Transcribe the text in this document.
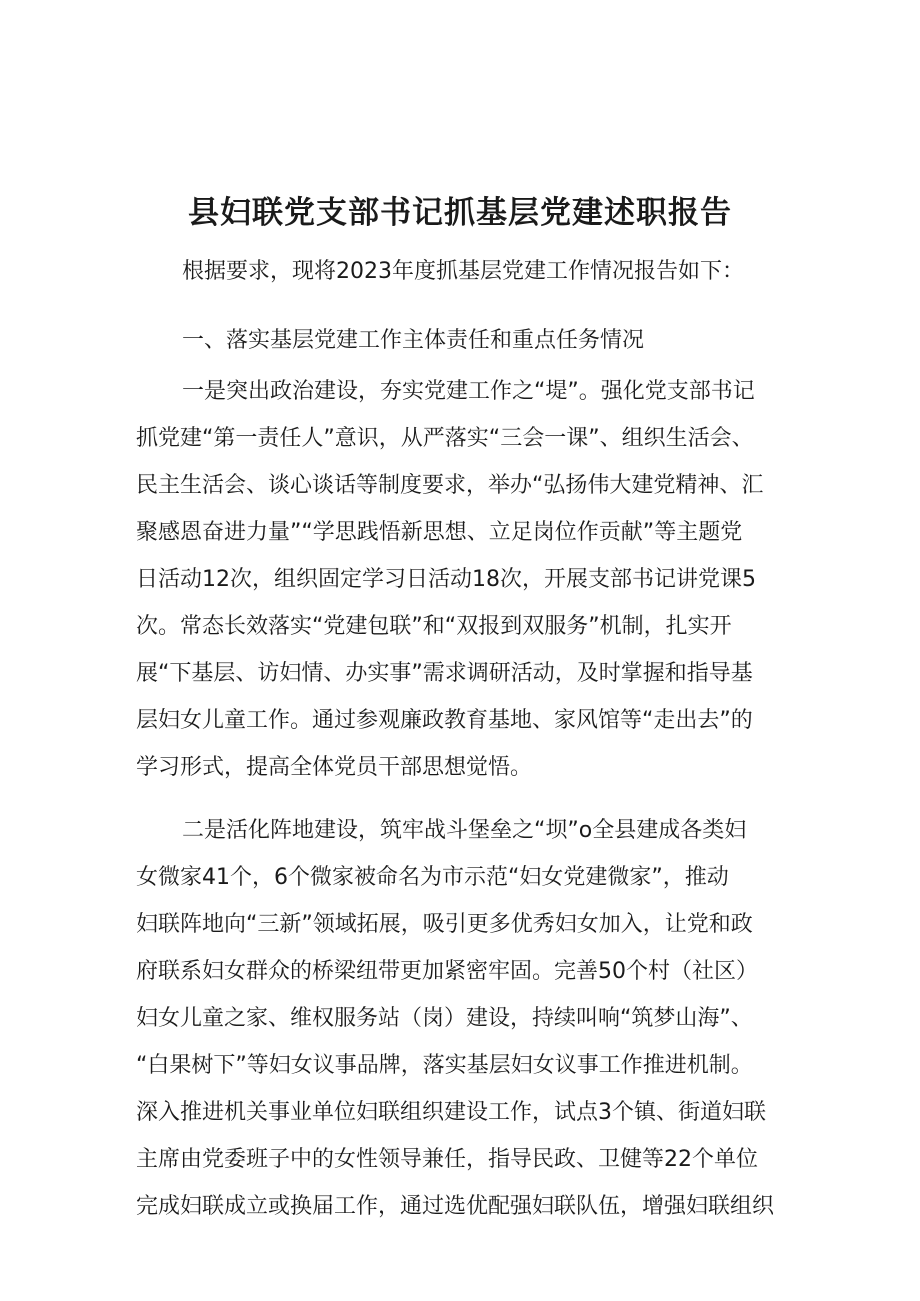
县妇联党支部书记抓基层党建述职报告

根据要求，现将2023年度抓基层党建工作情况报告如下：

一、落实基层党建工作主体责任和重点任务情况

一是突出政治建设，夯实党建工作之“堤”。强化党支部书记

抓党建“第一责任人”意识，从严落实“三会一课”、组织生活会、

民主生活会、谈心谈话等制度要求，举办“弘扬伟大建党精神、汇

聚感恩奋进力量”“学思践悟新思想、立足岗位作贡献”等主题党

日活动12次，组织固定学习日活动18次，开展支部书记讲党课5

次。常态长效落实“党建包联”和“双报到双服务”机制，扎实开

展“下基层、访妇情、办实事”需求调研活动，及时掌握和指导基

层妇女儿童工作。通过参观廉政教育基地、家风馆等“走出去”的

学习形式，提高全体党员干部思想觉悟。

二是活化阵地建设，筑牢战斗堡垒之“坝”o全县建成各类妇

女微家41个，6个微家被命名为市示范“妇女党建微家”，推动

妇联阵地向“三新”领域拓展，吸引更多优秀妇女加入，让党和政

府联系妇女群众的桥梁纽带更加紧密牢固。完善50个村（社区）

妇女儿童之家、维权服务站（岗）建设，持续叫响“筑梦山海”、

“白果树下”等妇女议事品牌，落实基层妇女议事工作推进机制。

深入推进机关事业单位妇联组织建设工作，试点3个镇、街道妇联

主席由党委班子中的女性领导兼任，指导民政、卫健等22个单位

完成妇联成立或换届工作，通过选优配强妇联队伍，增强妇联组织
